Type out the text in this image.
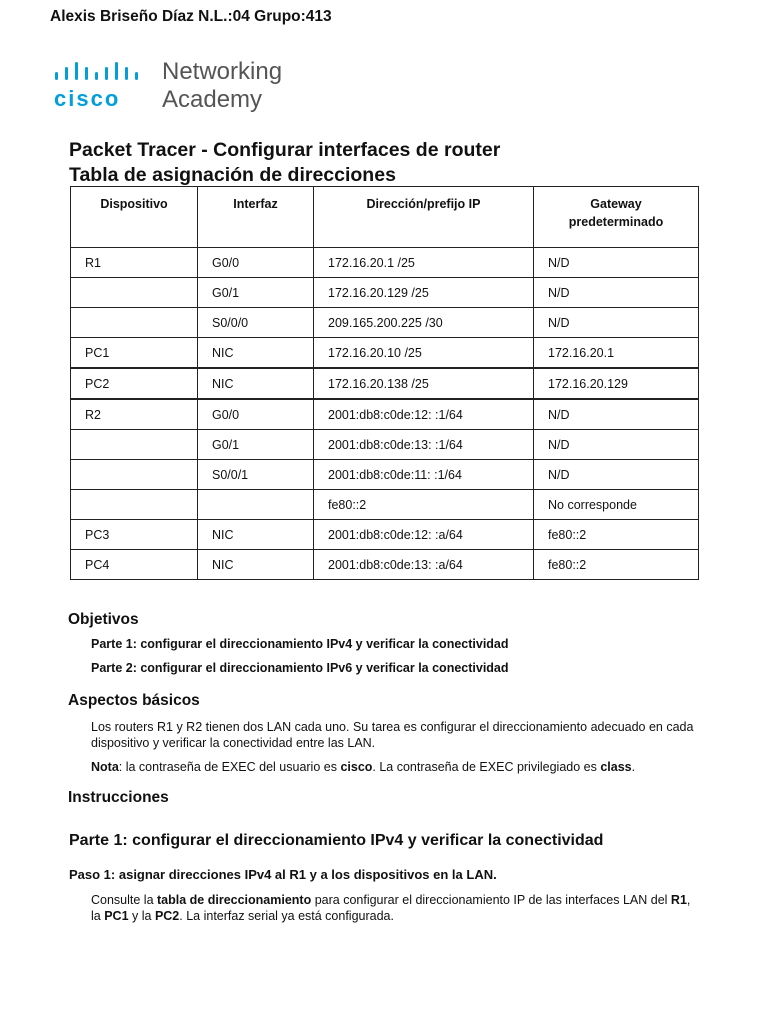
Alexis Briseño Díaz N.L.:04 Grupo:413
cisco
Networking
Academy
Packet Tracer - Configurar interfaces de router
Tabla de asignación de direcciones
Dispositivo	Interfaz	Dirección/prefijo IP	Gateway predeterminado
R1	G0/0	172.16.20.1 /25	N/D
	G0/1	172.16.20.129 /25	N/D
	S0/0/0	209.165.200.225 /30	N/D
PC1	NIC	172.16.20.10 /25	172.16.20.1
PC2	NIC	172.16.20.138 /25	172.16.20.129
R2	G0/0	2001:db8:c0de:12: :1/64	N/D
	G0/1	2001:db8:c0de:13: :1/64	N/D
	S0/0/1	2001:db8:c0de:11: :1/64	N/D
		fe80::2	No corresponde
PC3	NIC	2001:db8:c0de:12: :a/64	fe80::2
PC4	NIC	2001:db8:c0de:13: :a/64	fe80::2
Objetivos
Parte 1: configurar el direccionamiento IPv4 y verificar la conectividad
Parte 2: configurar el direccionamiento IPv6 y verificar la conectividad
Aspectos básicos
Los routers R1 y R2 tienen dos LAN cada uno. Su tarea es configurar el direccionamiento adecuado en cada dispositivo y verificar la conectividad entre las LAN.
Nota: la contraseña de EXEC del usuario es cisco. La contraseña de EXEC privilegiado es class.
Instrucciones
Parte 1: configurar el direccionamiento IPv4 y verificar la conectividad
Paso 1: asignar direcciones IPv4 al R1 y a los dispositivos en la LAN.
Consulte la tabla de direccionamiento para configurar el direccionamiento IP de las interfaces LAN del R1, la PC1 y la PC2. La interfaz serial ya está configurada.
